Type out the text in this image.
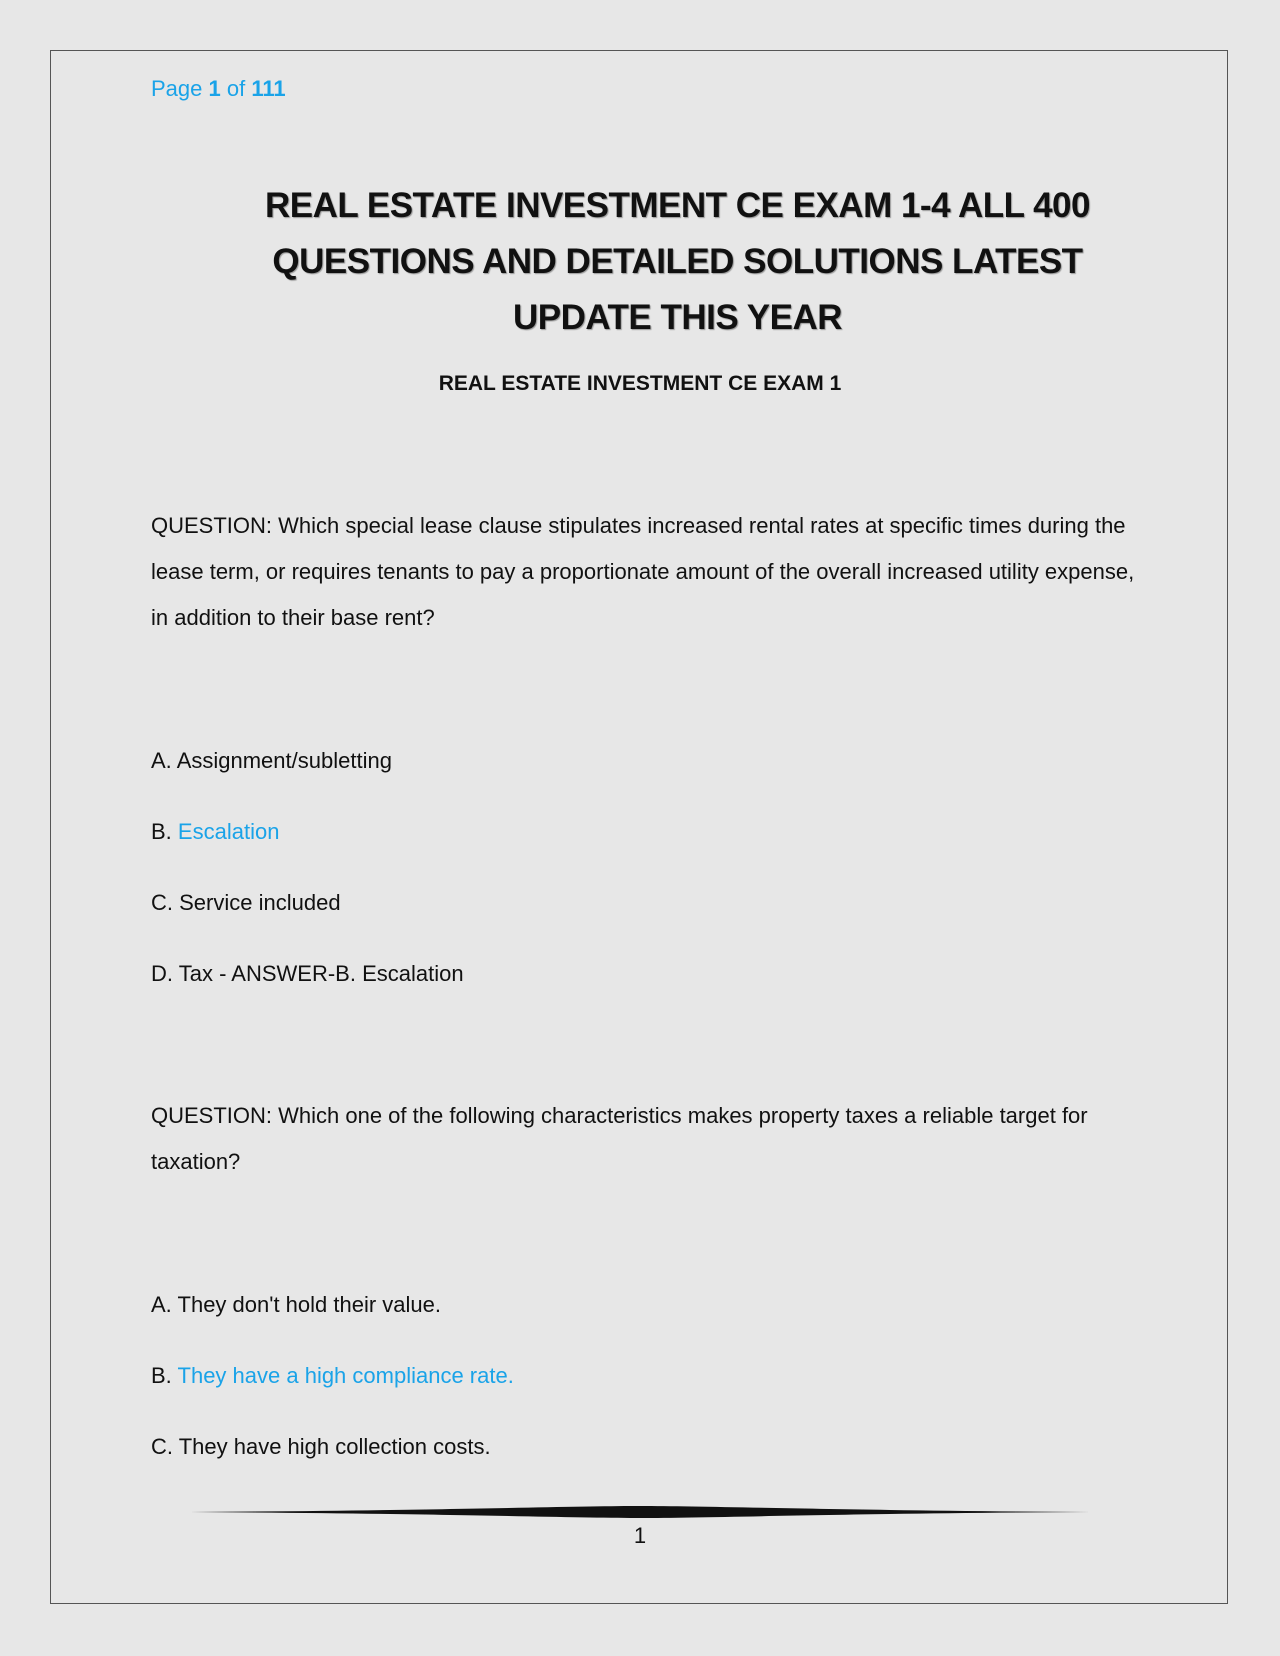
Page 1 of 111
REAL ESTATE INVESTMENT CE EXAM 1-4 ALL 400
QUESTIONS AND DETAILED SOLUTIONS LATEST
UPDATE THIS YEAR
REAL ESTATE INVESTMENT CE EXAM 1

QUESTION: Which special lease clause stipulates increased rental rates at specific times during the lease term, or requires tenants to pay a proportionate amount of the overall increased utility expense, in addition to their base rent?

A. Assignment/subletting

B. Escalation

C. Service included

D. Tax - ANSWER-B. Escalation

QUESTION: Which one of the following characteristics makes property taxes a reliable target for taxation?

A. They don't hold their value.

B. They have a high compliance rate.

C. They have high collection costs.

1
